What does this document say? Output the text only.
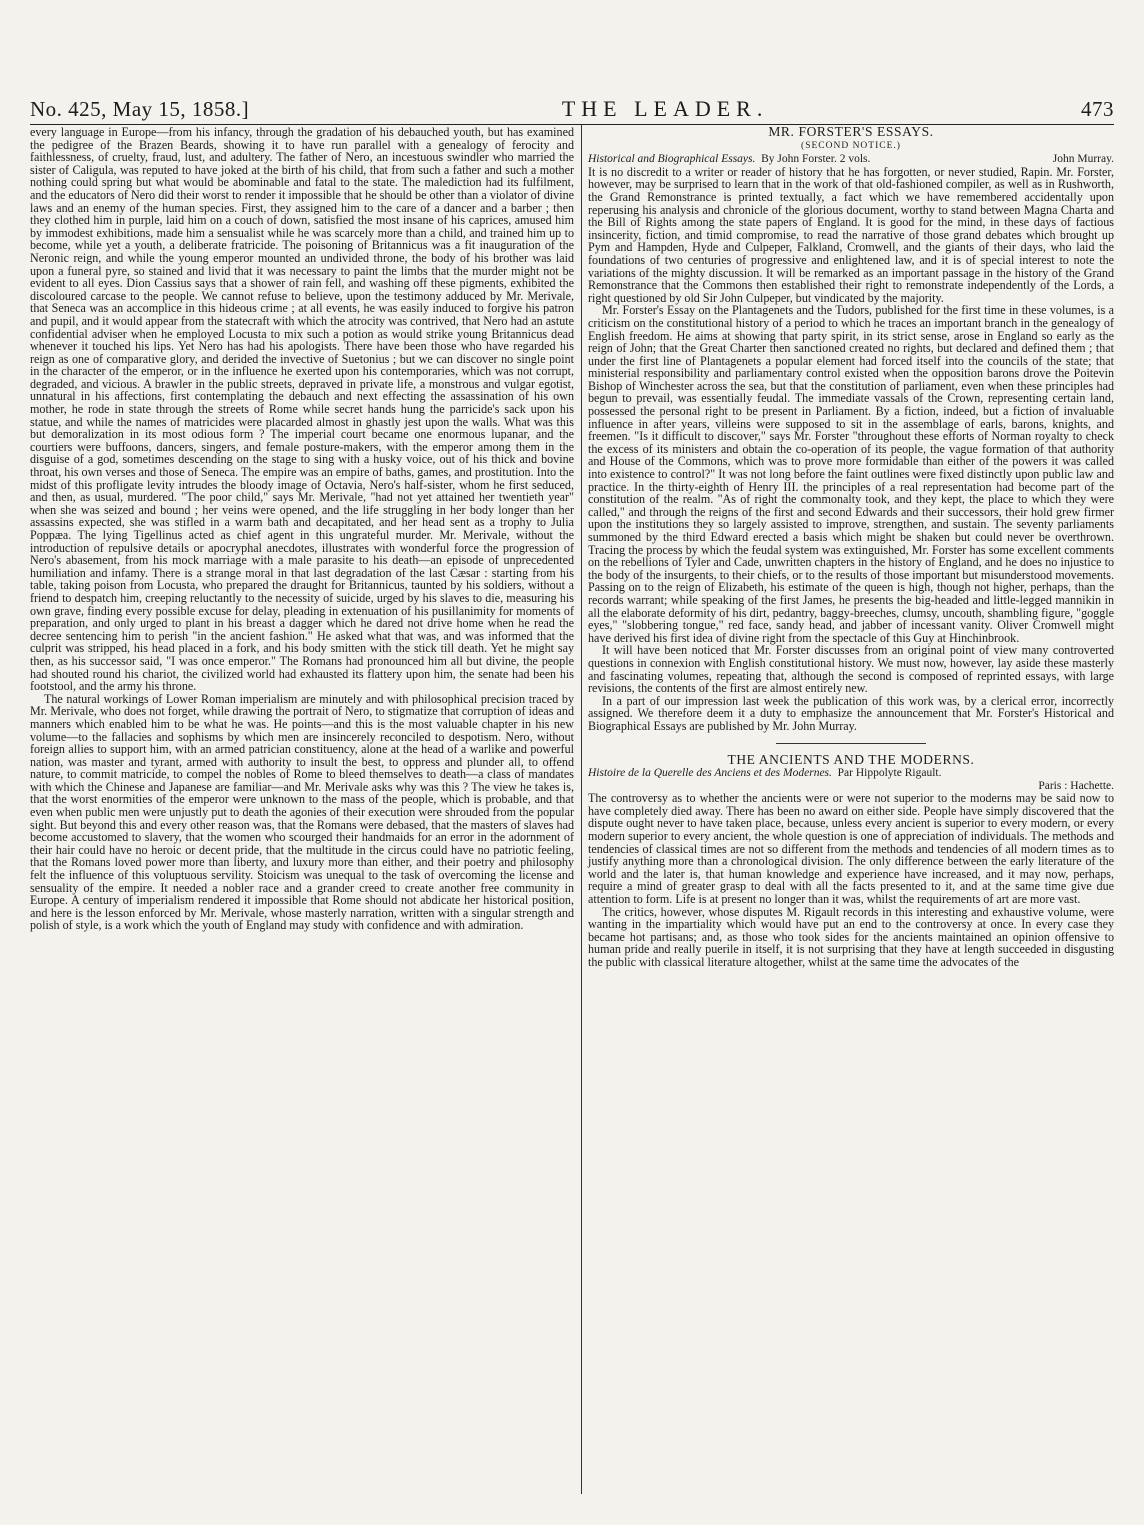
No. 425, May 15, 1858.]	THE LEADER.	473

every language in Europe—from his infancy, through the gradation of his debauched youth, but has examined the pedigree of the Brazen Beards, showing it to have run parallel with a genealogy of ferocity and faithlessness, of cruelty, fraud, lust, and adultery. The father of Nero, an incestuous swindler who married the sister of Caligula, was reputed to have joked at the birth of his child, that from such a father and such a mother nothing could spring but what would be abominable and fatal to the state. The malediction had its fulfilment, and the educators of Nero did their worst to render it impossible that he should be other than a violator of divine laws and an enemy of the human species. First, they assigned him to the care of a dancer and a barber ; then they clothed him in purple, laid him on a couch of down, satisfied the most insane of his caprices, amused him by immodest exhibitions, made him a sensualist while he was scarcely more than a child, and trained him up to become, while yet a youth, a deliberate fratricide. The poisoning of Britannicus was a fit inauguration of the Neronic reign, and while the young emperor mounted an undivided throne, the body of his brother was laid upon a funeral pyre, so stained and livid that it was necessary to paint the limbs that the murder might not be evident to all eyes. Dion Cassius says that a shower of rain fell, and washing off these pigments, exhibited the discoloured carcase to the people. We cannot refuse to believe, upon the testimony adduced by Mr. Merivale, that Seneca was an accomplice in this hideous crime ; at all events, he was easily induced to forgive his patron and pupil, and it would appear from the statecraft with which the atrocity was contrived, that Nero had an astute confidential adviser when he employed Locusta to mix such a potion as would strike young Britannicus dead whenever it touched his lips. Yet Nero has had his apologists. There have been those who have regarded his reign as one of comparative glory, and derided the invective of Suetonius ; but we can discover no single point in the character of the emperor, or in the influence he exerted upon his contemporaries, which was not corrupt, degraded, and vicious. A brawler in the public streets, depraved in private life, a monstrous and vulgar egotist, unnatural in his affections, first contemplating the debauch and next effecting the assassination of his own mother, he rode in state through the streets of Rome while secret hands hung the parricide's sack upon his statue, and while the names of matricides were placarded almost in ghastly jest upon the walls. What was this but demoralization in its most odious form ? The imperial court became one enormous lupanar, and the courtiers were buffoons, dancers, singers, and female posture-makers, with the emperor among them in the disguise of a god, sometimes descending on the stage to sing with a husky voice, out of his thick and bovine throat, his own verses and those of Seneca. The empire was an empire of baths, games, and prostitution. Into the midst of this profligate levity intrudes the bloody image of Octavia, Nero's half-sister, whom he first seduced, and then, as usual, murdered. "The poor child," says Mr. Merivale, "had not yet attained her twentieth year" when she was seized and bound ; her veins were opened, and the life struggling in her body longer than her assassins expected, she was stifled in a warm bath and decapitated, and her head sent as a trophy to Julia Poppæa. The lying Tigellinus acted as chief agent in this ungrateful murder. Mr. Merivale, without the introduction of repulsive details or apocryphal anecdotes, illustrates with wonderful force the progression of Nero's abasement, from his mock marriage with a male parasite to his death—an episode of unprecedented humiliation and infamy. There is a strange moral in that last degradation of the last Cæsar : starting from his table, taking poison from Locusta, who prepared the draught for Britannicus, taunted by his soldiers, without a friend to despatch him, creeping reluctantly to the necessity of suicide, urged by his slaves to die, measuring his own grave, finding every possible excuse for delay, pleading in extenuation of his pusillanimity for moments of preparation, and only urged to plant in his breast a dagger which he dared not drive home when he read the decree sentencing him to perish "in the ancient fashion." He asked what that was, and was informed that the culprit was stripped, his head placed in a fork, and his body smitten with the stick till death. Yet he might say then, as his successor said, "I was once emperor." The Romans had pronounced him all but divine, the people had shouted round his chariot, the civilized world had exhausted its flattery upon him, the senate had been his footstool, and the army his throne.

The natural workings of Lower Roman imperialism are minutely and with philosophical precision traced by Mr. Merivale, who does not forget, while drawing the portrait of Nero, to stigmatize that corruption of ideas and manners which enabled him to be what he was. He points—and this is the most valuable chapter in his new volume—to the fallacies and sophisms by which men are insincerely reconciled to despotism. Nero, without foreign allies to support him, with an armed patrician constituency, alone at the head of a warlike and powerful nation, was master and tyrant, armed with authority to insult the best, to oppress and plunder all, to offend nature, to commit matricide, to compel the nobles of Rome to bleed themselves to death—a class of mandates with which the Chinese and Japanese are familiar—and Mr. Merivale asks why was this ? The view he takes is, that the worst enormities of the emperor were unknown to the mass of the people, which is probable, and that even when public men were unjustly put to death the agonies of their execution were shrouded from the popular sight. But beyond this and every other reason was, that the Romans were debased, that the masters of slaves had become accustomed to slavery, that the women who scourged their handmaids for an error in the adornment of their hair could have no heroic or decent pride, that the multitude in the circus could have no patriotic feeling, that the Romans loved power more than liberty, and luxury more than either, and their poetry and philosophy felt the influence of this voluptuous servility. Stoicism was unequal to the task of overcoming the license and sensuality of the empire. It needed a nobler race and a grander creed to create another free community in Europe. A century of imperialism rendered it impossible that Rome should not abdicate her historical position, and here is the lesson enforced by Mr. Merivale, whose masterly narration, written with a singular strength and polish of style, is a work which the youth of England may study with confidence and with admiration.

MR. FORSTER'S ESSAYS.
(SECOND NOTICE.)
Historical and Biographical Essays. By John Forster. 2 vols.	John Murray.

It is no discredit to a writer or reader of history that he has forgotten, or never studied, Rapin. Mr. Forster, however, may be surprised to learn that in the work of that old-fashioned compiler, as well as in Rushworth, the Grand Remonstrance is printed textually, a fact which we have remembered accidentally upon reperusing his analysis and chronicle of the glorious document, worthy to stand between Magna Charta and the Bill of Rights among the state papers of England. It is good for the mind, in these days of factious insincerity, fiction, and timid compromise, to read the narrative of those grand debates which brought up Pym and Hampden, Hyde and Culpeper, Falkland, Cromwell, and the giants of their days, who laid the foundations of two centuries of progressive and enlightened law, and it is of special interest to note the variations of the mighty discussion. It will be remarked as an important passage in the history of the Grand Remonstrance that the Commons then established their right to remonstrate independently of the Lords, a right questioned by old Sir John Culpeper, but vindicated by the majority.

Mr. Forster's Essay on the Plantagenets and the Tudors, published for the first time in these volumes, is a criticism on the constitutional history of a period to which he traces an important branch in the genealogy of English freedom. He aims at showing that party spirit, in its strict sense, arose in England so early as the reign of John; that the Great Charter then sanctioned created no rights, but declared and defined them ; that under the first line of Plantagenets a popular element had forced itself into the councils of the state; that ministerial responsibility and parliamentary control existed when the opposition barons drove the Poitevin Bishop of Winchester across the sea, but that the constitution of parliament, even when these principles had begun to prevail, was essentially feudal. The immediate vassals of the Crown, representing certain land, possessed the personal right to be present in Parliament. By a fiction, indeed, but a fiction of invaluable influence in after years, villeins were supposed to sit in the assemblage of earls, barons, knights, and freemen. "Is it difficult to discover," says Mr. Forster "throughout these efforts of Norman royalty to check the excess of its ministers and obtain the co-operation of its people, the vague formation of that authority and House of the Commons, which was to prove more formidable than either of the powers it was called into existence to control?" It was not long before the faint outlines were fixed distinctly upon public law and practice. In the thirty-eighth of Henry III. the principles of a real representation had become part of the constitution of the realm. "As of right the commonalty took, and they kept, the place to which they were called," and through the reigns of the first and second Edwards and their successors, their hold grew firmer upon the institutions they so largely assisted to improve, strengthen, and sustain. The seventy parliaments summoned by the third Edward erected a basis which might be shaken but could never be overthrown. Tracing the process by which the feudal system was extinguished, Mr. Forster has some excellent comments on the rebellions of Tyler and Cade, unwritten chapters in the history of England, and he does no injustice to the body of the insurgents, to their chiefs, or to the results of those important but misunderstood movements. Passing on to the reign of Elizabeth, his estimate of the queen is high, though not higher, perhaps, than the records warrant; while speaking of the first James, he presents the big-headed and little-legged mannikin in all the elaborate deformity of his dirt, pedantry, baggy-breeches, clumsy, uncouth, shambling figure, "goggle eyes," "slobbering tongue," red face, sandy head, and jabber of incessant vanity. Oliver Cromwell might have derived his first idea of divine right from the spectacle of this Guy at Hinchinbrook.

It will have been noticed that Mr. Forster discusses from an original point of view many controverted questions in connexion with English constitutional history. We must now, however, lay aside these masterly and fascinating volumes, repeating that, although the second is composed of reprinted essays, with large revisions, the contents of the first are almost entirely new.

In a part of our impression last week the publication of this work was, by a clerical error, incorrectly assigned. We therefore deem it a duty to emphasize the announcement that Mr. Forster's Historical and Biographical Essays are published by Mr. John Murray.

THE ANCIENTS AND THE MODERNS.
Histoire de la Querelle des Anciens et des Modernes. Par Hippolyte Rigault.
Paris : Hachette.

The controversy as to whether the ancients were or were not superior to the moderns may be said now to have completely died away. There has been no award on either side. People have simply discovered that the dispute ought never to have taken place, because, unless every ancient is superior to every modern, or every modern superior to every ancient, the whole question is one of appreciation of individuals. The methods and tendencies of classical times are not so different from the methods and tendencies of all modern times as to justify anything more than a chronological division. The only difference between the early literature of the world and the later is, that human knowledge and experience have increased, and it may now, perhaps, require a mind of greater grasp to deal with all the facts presented to it, and at the same time give due attention to form. Life is at present no longer than it was, whilst the requirements of art are more vast.

The critics, however, whose disputes M. Rigault records in this interesting and exhaustive volume, were wanting in the impartiality which would have put an end to the controversy at once. In every case they became hot partisans; and, as those who took sides for the ancients maintained an opinion offensive to human pride and really puerile in itself, it is not surprising that they have at length succeeded in disgusting the public with classical literature altogether, whilst at the same time the advocates of the
